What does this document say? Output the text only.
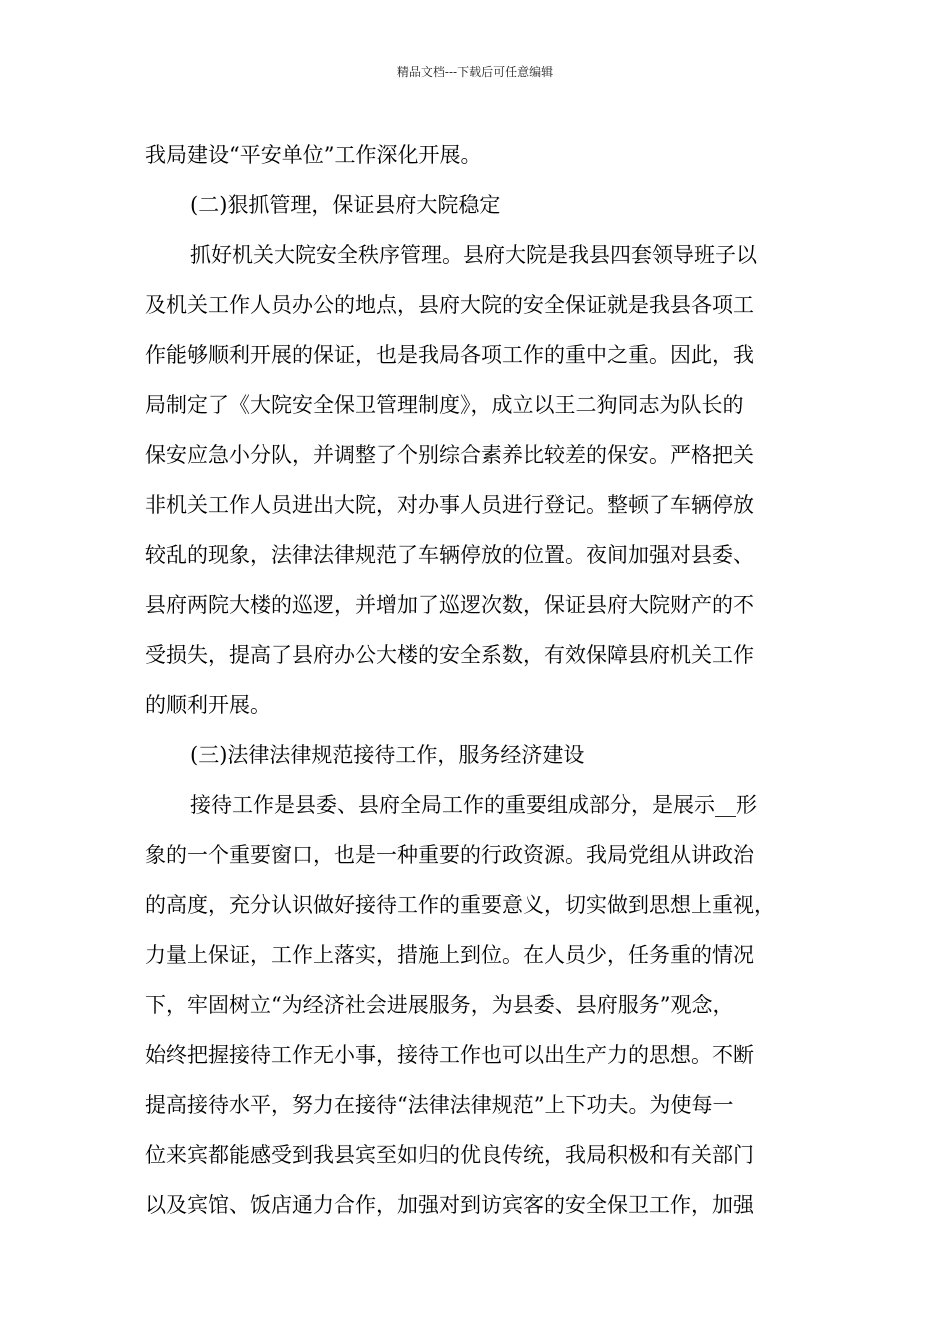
精品文档---下载后可任意编辑
我局建设“平安单位”工作深化开展。
(二)狠抓管理，保证县府大院稳定
抓好机关大院安全秩序管理。县府大院是我县四套领导班子以
及机关工作人员办公的地点，县府大院的安全保证就是我县各项工
作能够顺利开展的保证，也是我局各项工作的重中之重。因此，我
局制定了《大院安全保卫管理制度》，成立以王二狗同志为队长的
保安应急小分队，并调整了个别综合素养比较差的保安。严格把关
非机关工作人员进出大院，对办事人员进行登记。整顿了车辆停放
较乱的现象，法律法律规范了车辆停放的位置。夜间加强对县委、
县府两院大楼的巡逻，并增加了巡逻次数，保证县府大院财产的不
受损失，提高了县府办公大楼的安全系数，有效保障县府机关工作
的顺利开展。
(三)法律法律规范接待工作，服务经济建设
接待工作是县委、县府全局工作的重要组成部分，是展示__形
象的一个重要窗口，也是一种重要的行政资源。我局党组从讲政治
的高度，充分认识做好接待工作的重要意义，切实做到思想上重视，
力量上保证，工作上落实，措施上到位。在人员少，任务重的情况
下，牢固树立“为经济社会进展服务，为县委、县府服务”观念，
始终把握接待工作无小事，接待工作也可以出生产力的思想。不断
提高接待水平，努力在接待“法律法律规范”上下功夫。为使每一
位来宾都能感受到我县宾至如归的优良传统，我局积极和有关部门
以及宾馆、饭店通力合作，加强对到访宾客的安全保卫工作，加强
